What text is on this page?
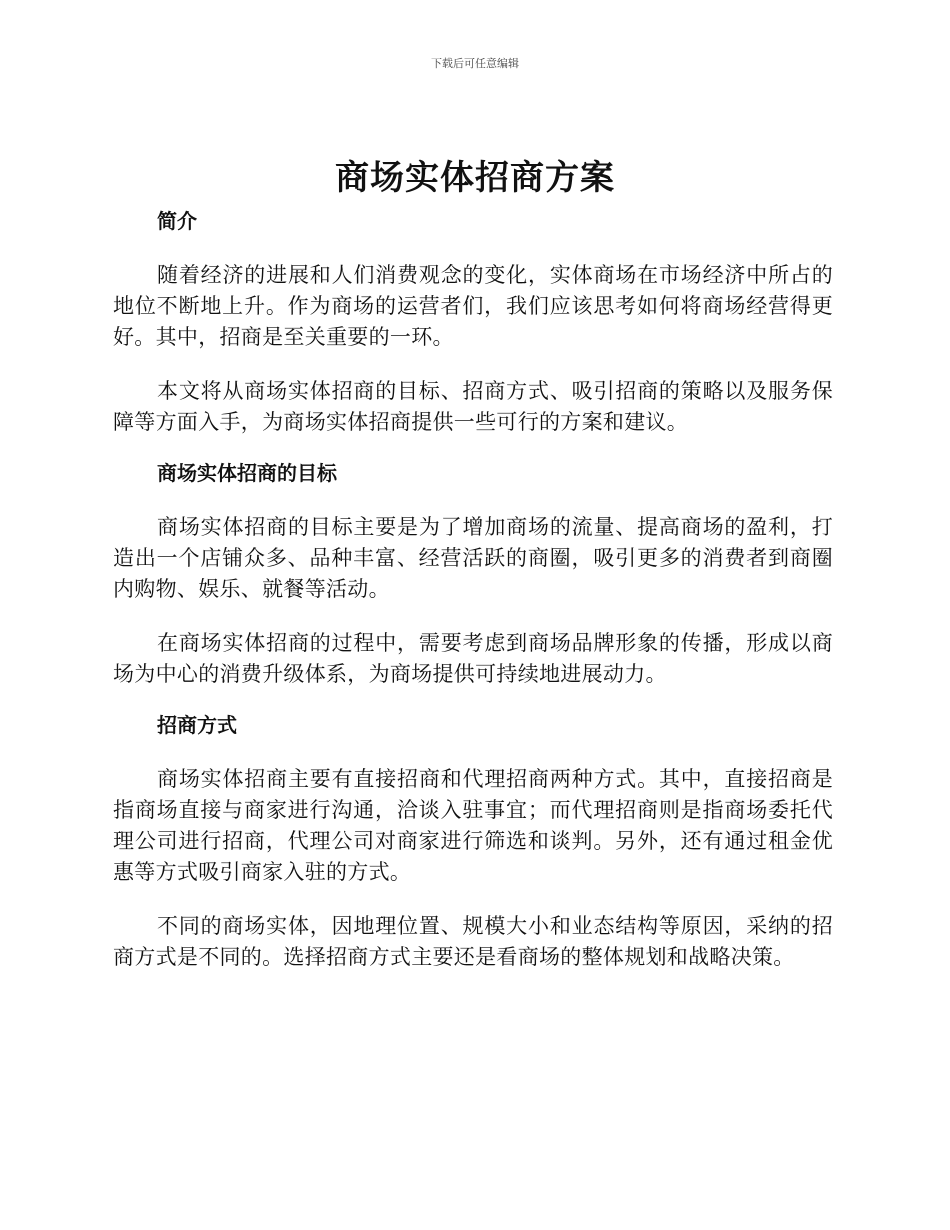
下载后可任意编辑
商场实体招商方案
简介

随着经济的进展和人们消费观念的变化，实体商场在市场经济中所占的地位不断地上升。作为商场的运营者们，我们应该思考如何将商场经营得更好。其中，招商是至关重要的一环。

本文将从商场实体招商的目标、招商方式、吸引招商的策略以及服务保障等方面入手，为商场实体招商提供一些可行的方案和建议。

商场实体招商的目标

商场实体招商的目标主要是为了增加商场的流量、提高商场的盈利，打造出一个店铺众多、品种丰富、经营活跃的商圈，吸引更多的消费者到商圈内购物、娱乐、就餐等活动。

在商场实体招商的过程中，需要考虑到商场品牌形象的传播，形成以商场为中心的消费升级体系，为商场提供可持续地进展动力。

招商方式

商场实体招商主要有直接招商和代理招商两种方式。其中，直接招商是指商场直接与商家进行沟通，洽谈入驻事宜；而代理招商则是指商场委托代理公司进行招商，代理公司对商家进行筛选和谈判。另外，还有通过租金优惠等方式吸引商家入驻的方式。

不同的商场实体，因地理位置、规模大小和业态结构等原因，采纳的招商方式是不同的。选择招商方式主要还是看商场的整体规划和战略决策。
